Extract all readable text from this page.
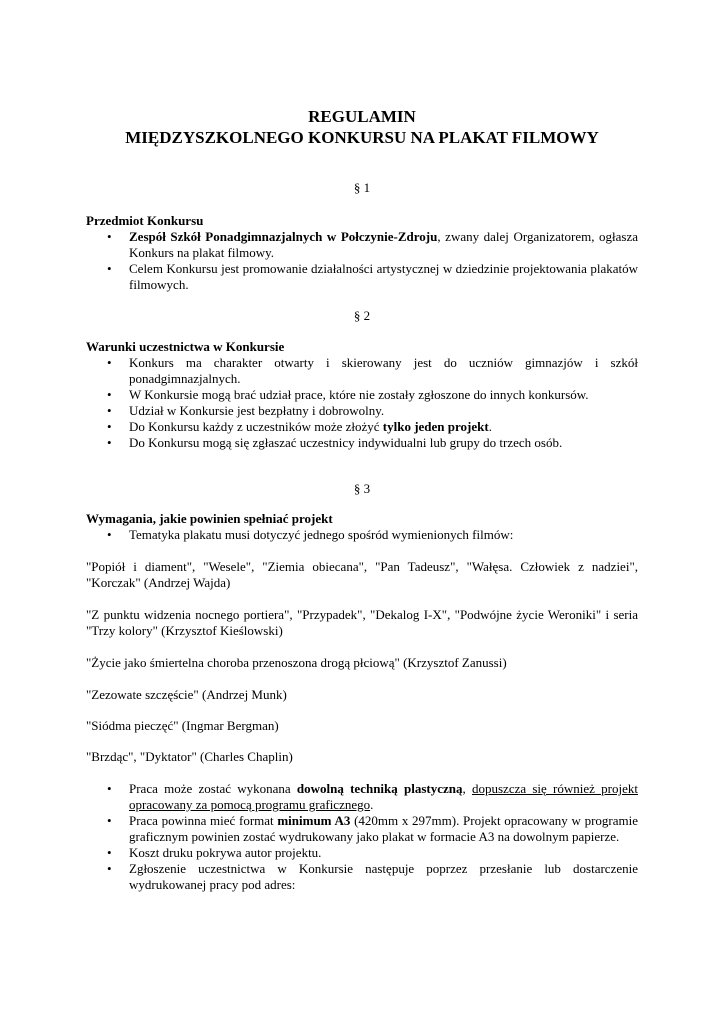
REGULAMIN
MIĘDZYSZKOLNEGO KONKURSU NA PLAKAT FILMOWY
§ 1
Przedmiot Konkursu
• Zespół Szkół Ponadgimnazjalnych w Połczynie-Zdroju, zwany dalej Organizatorem, ogłasza Konkurs na plakat filmowy.
• Celem Konkursu jest promowanie działalności artystycznej w dziedzinie projektowania plakatów filmowych.
§ 2
Warunki uczestnictwa w Konkursie
• Konkurs ma charakter otwarty i skierowany jest do uczniów gimnazjów i szkół ponadgimnazjalnych.
• W Konkursie mogą brać udział prace, które nie zostały zgłoszone do innych konkursów.
• Udział w Konkursie jest bezpłatny i dobrowolny.
• Do Konkursu każdy z uczestników może złożyć tylko jeden projekt.
• Do Konkursu mogą się zgłaszać uczestnicy indywidualni lub grupy do trzech osób.
§ 3
Wymagania, jakie powinien spełniać projekt
• Tematyka plakatu musi dotyczyć jednego spośród wymienionych filmów:

"Popiół i diament", "Wesele", "Ziemia obiecana", "Pan Tadeusz", "Wałęsa. Człowiek z nadziei", "Korczak" (Andrzej Wajda)

"Z punktu widzenia nocnego portiera", "Przypadek", "Dekalog I-X", "Podwójne życie Weroniki" i seria "Trzy kolory" (Krzysztof Kieślowski)

"Życie jako śmiertelna choroba przenoszona drogą płciową" (Krzysztof Zanussi)

"Zezowate szczęście" (Andrzej Munk)

"Siódma pieczęć" (Ingmar Bergman)

"Brzdąc", "Dyktator" (Charles Chaplin)

• Praca może zostać wykonana dowolną techniką plastyczną, dopuszcza się również projekt opracowany za pomocą programu graficznego.
• Praca powinna mieć format minimum A3 (420mm x 297mm). Projekt opracowany w programie graficznym powinien zostać wydrukowany jako plakat w formacie A3 na dowolnym papierze.
• Koszt druku pokrywa autor projektu.
• Zgłoszenie uczestnictwa w Konkursie następuje poprzez przesłanie lub dostarczenie wydrukowanej pracy pod adres:
